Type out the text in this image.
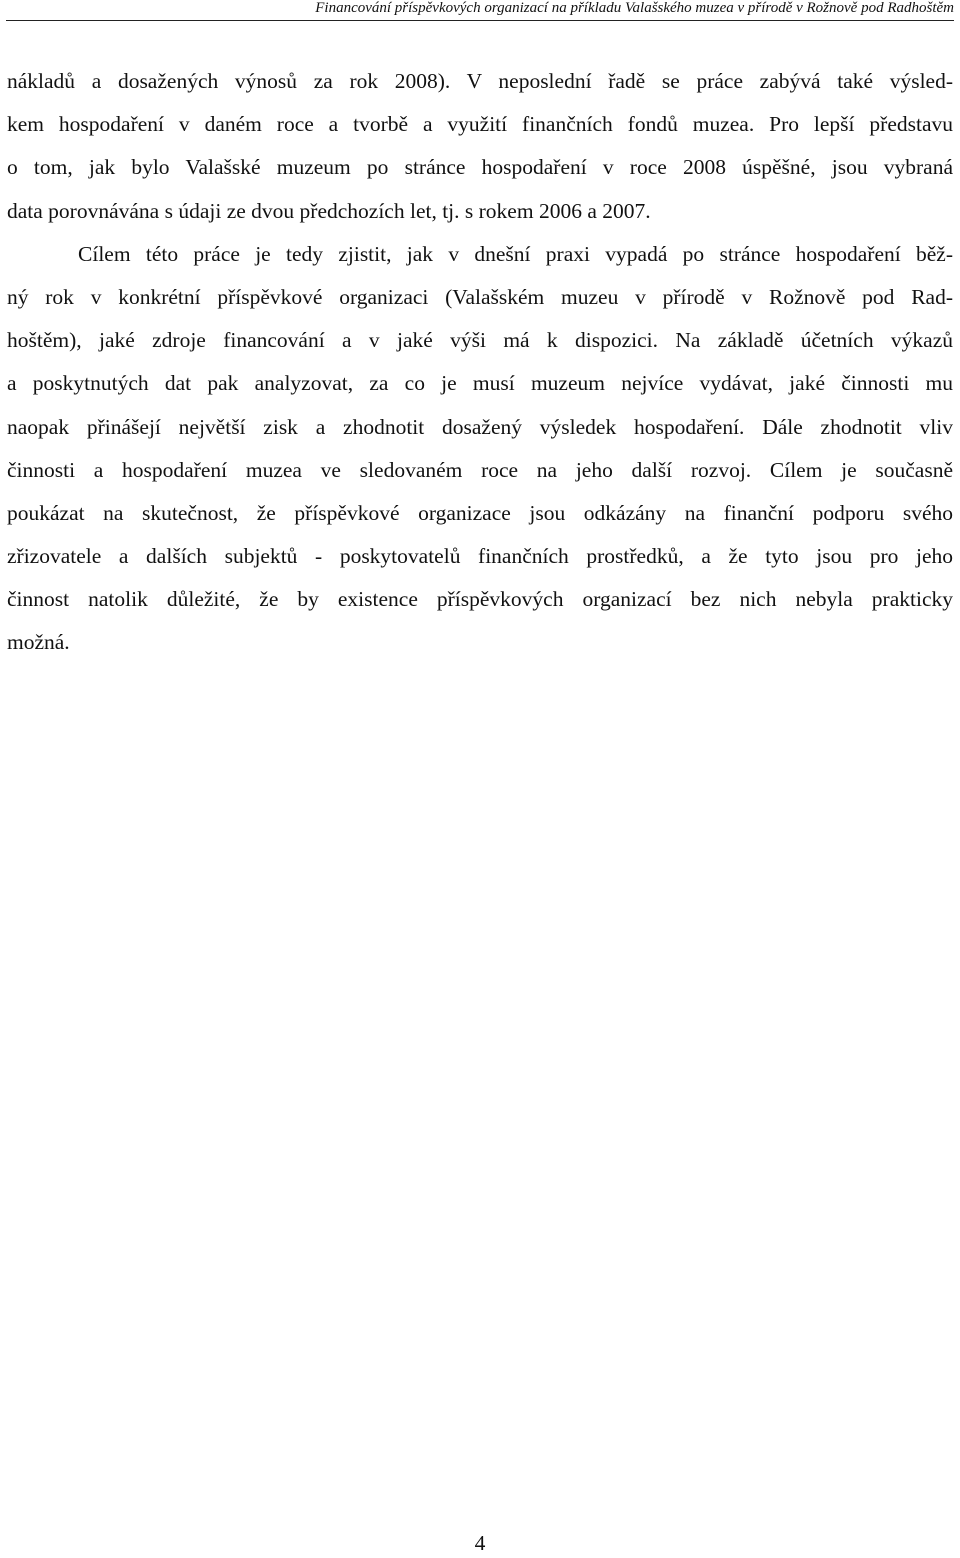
Financování příspěvkových organizací na příkladu Valašského muzea v přírodě v Rožnově pod Radhoštěm
nákladů a dosažených výnosů za rok 2008). V neposlední řadě se práce zabývá také výsled-
kem hospodaření v daném roce a tvorbě a využití finančních fondů muzea. Pro lepší představu
o tom, jak bylo Valašské muzeum po stránce hospodaření v roce 2008 úspěšné, jsou vybraná
data porovnávána s údaji ze dvou předchozích let, tj. s rokem 2006 a 2007.
Cílem této práce je tedy zjistit, jak v dnešní praxi vypadá po stránce hospodaření běž-
ný rok v konkrétní příspěvkové organizaci (Valašském muzeu v přírodě v Rožnově pod Rad-
hoštěm), jaké zdroje financování a v jaké výši má k dispozici. Na základě účetních výkazů
a poskytnutých dat pak analyzovat, za co je musí muzeum nejvíce vydávat, jaké činnosti mu
naopak přinášejí největší zisk a zhodnotit dosažený výsledek hospodaření. Dále zhodnotit vliv
činnosti a hospodaření muzea ve sledovaném roce na jeho další rozvoj. Cílem je současně
poukázat na skutečnost, že příspěvkové organizace jsou odkázány na finanční podporu svého
zřizovatele a dalších subjektů - poskytovatelů finančních prostředků, a že tyto jsou pro jeho
činnost natolik důležité, že by existence příspěvkových organizací bez nich nebyla prakticky
možná.
4
